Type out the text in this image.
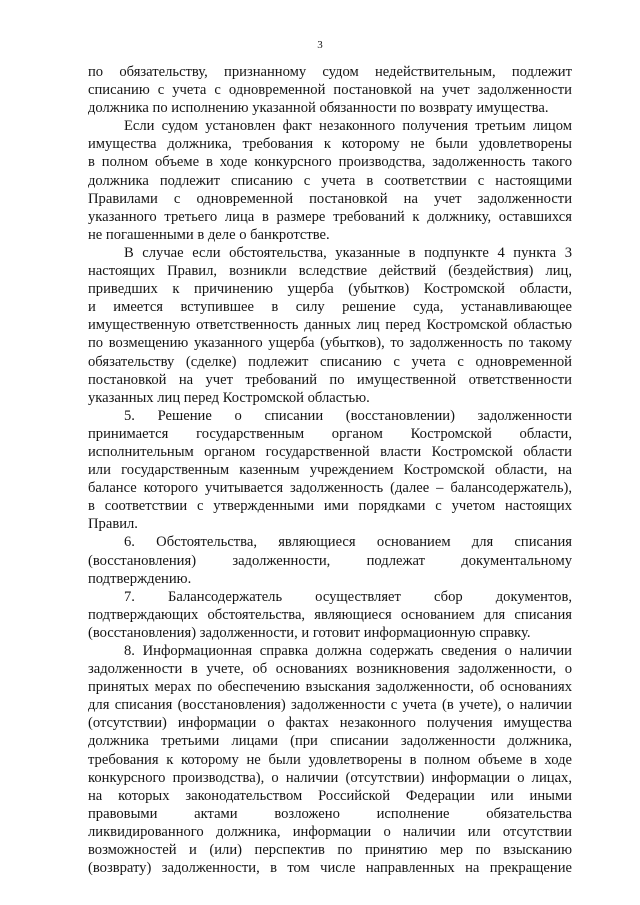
3

по обязательству, признанному судом недействительным, подлежит

списанию с учета с одновременной постановкой на учет задолженности

должника по исполнению указанной обязанности по возврату имущества.

Если судом установлен факт незаконного получения третьим лицом

имущества должника, требования к которому не были удовлетворены

в полном объеме в ходе конкурсного производства, задолженность такого

должника подлежит списанию с учета в соответствии с настоящими

Правилами с одновременной постановкой на учет задолженности

указанного третьего лица в размере требований к должнику, оставшихся

не погашенными в деле о банкротстве.

В случае если обстоятельства, указанные в подпункте 4 пункта 3

настоящих Правил, возникли вследствие действий (бездействия) лиц,

приведших к причинению ущерба (убытков) Костромской области,

и имеется вступившее в силу решение суда, устанавливающее

имущественную ответственность данных лиц перед Костромской областью

по возмещению указанного ущерба (убытков), то задолженность по такому

обязательству (сделке) подлежит списанию с учета с одновременной

постановкой на учет требований по имущественной ответственности

указанных лиц перед Костромской областью.

5. Решение о списании (восстановлении) задолженности

принимается государственным органом Костромской области,

исполнительным органом государственной власти Костромской области

или государственным казенным учреждением Костромской области, на

балансе которого учитывается задолженность (далее – балансодержатель),

в соответствии с утвержденными ими порядками с учетом настоящих

Правил.

6. Обстоятельства, являющиеся основанием для списания

(восстановления) задолженности, подлежат документальному

подтверждению.

7. Балансодержатель осуществляет сбор документов,

подтверждающих обстоятельства, являющиеся основанием для списания

(восстановления) задолженности, и готовит информационную справку.

8. Информационная справка должна содержать сведения о наличии

задолженности в учете, об основаниях возникновения задолженности, о

принятых мерах по обеспечению взыскания задолженности, об основаниях

для списания (восстановления) задолженности с учета (в учете), о наличии

(отсутствии) информации о фактах незаконного получения имущества

должника третьими лицами (при списании задолженности должника,

требования к которому не были удовлетворены в полном объеме в ходе

конкурсного производства), о наличии (отсутствии) информации о лицах,

на которых законодательством Российской Федерации или иными

правовыми актами возложено исполнение обязательства

ликвидированного должника, информации о наличии или отсутствии

возможностей и (или) перспектив по принятию мер по взысканию

(возврату) задолженности, в том числе направленных на прекращение
